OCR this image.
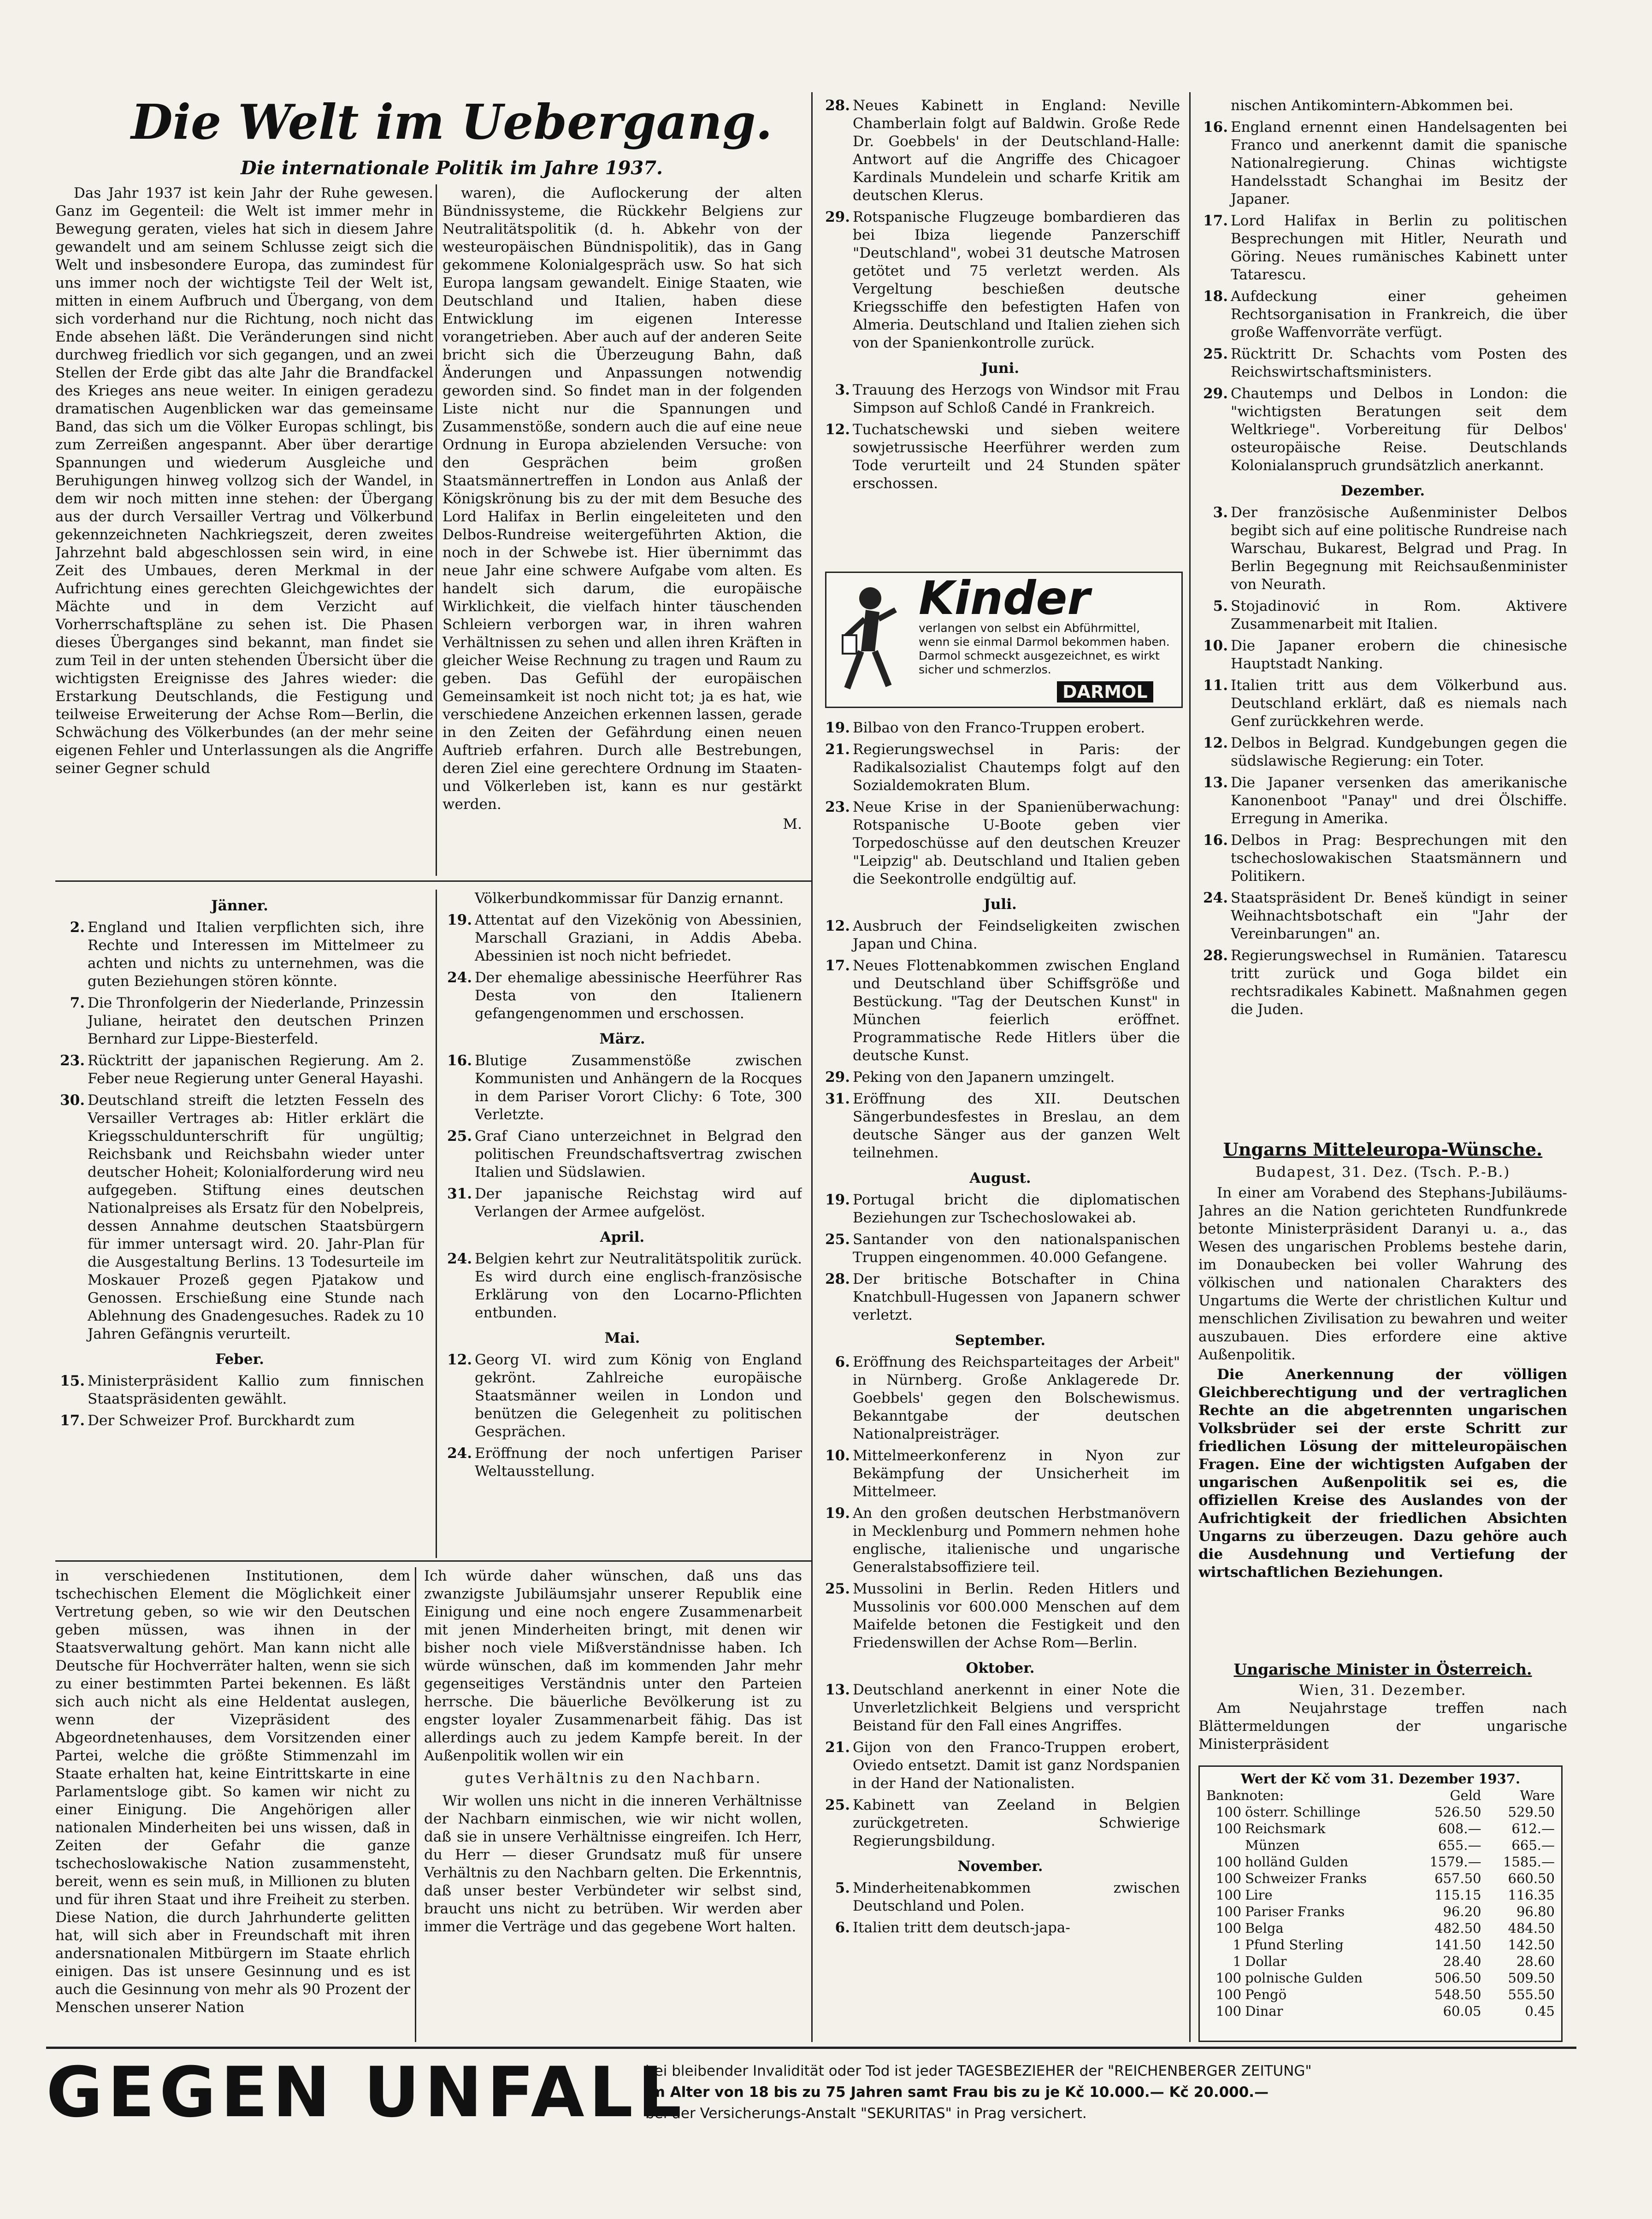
Die Welt im Uebergang.
Die internationale Politik im Jahre 1937.

Das Jahr 1937 ist kein Jahr der Ruhe gewesen. Ganz im Gegenteil: die Welt ist immer mehr in Bewegung geraten, vieles hat sich in diesem Jahre gewandelt und am seinem Schlusse zeigt sich die Welt und insbesondere Europa, das zumindest für uns immer noch der wichtigste Teil der Welt ist, mitten in einem Aufbruch und Übergang, von dem sich vorderhand nur die Richtung, noch nicht das Ende absehen läßt. Die Veränderungen sind nicht durchweg friedlich vor sich gegangen, und an zwei Stellen der Erde gibt das alte Jahr die Brandfackel des Krieges ans neue weiter. In einigen geradezu dramatischen Augenblicken war das gemeinsame Band, das sich um die Völker Europas schlingt, bis zum Zerreißen angespannt. Aber über derartige Spannungen und wiederum Ausgleiche und Beruhigungen hinweg vollzog sich der Wandel, in dem wir noch mitten inne stehen: der Übergang aus der durch Versailler Vertrag und Völkerbund gekennzeichneten Nachkriegszeit, deren zweites Jahrzehnt bald abgeschlossen sein wird, in eine Zeit des Umbaues, deren Merkmal in der Aufrichtung eines gerechten Gleichgewichtes der Mächte und in dem Verzicht auf Vorherrschaftspläne zu sehen ist. Die Phasen dieses Überganges sind bekannt, man findet sie zum Teil in der unten stehenden Übersicht über die wichtigsten Ereignisse des Jahres wieder: die Erstarkung Deutschlands, die Festigung und teilweise Erweiterung der Achse Rom—Berlin, die Schwächung des Völkerbundes (an der mehr seine eigenen Fehler und Unterlassungen als die Angriffe seiner Gegner schuld

waren), die Auflockerung der alten Bündnissysteme, die Rückkehr Belgiens zur Neutralitätspolitik (d. h. Abkehr von der westeuropäischen Bündnispolitik), das in Gang gekommene Kolonialgespräch usw. So hat sich Europa langsam gewandelt. Einige Staaten, wie Deutschland und Italien, haben diese Entwicklung im eigenen Interesse vorangetrieben. Aber auch auf der anderen Seite bricht sich die Überzeugung Bahn, daß Änderungen und Anpassungen notwendig geworden sind. So findet man in der folgenden Liste nicht nur die Spannungen und Zusammenstöße, sondern auch die auf eine neue Ordnung in Europa abzielenden Versuche: von den Gesprächen beim großen Staatsmännertreffen in London aus Anlaß der Königskrönung bis zu der mit dem Besuche des Lord Halifax in Berlin eingeleiteten und den Delbos-Rundreise weitergeführten Aktion, die noch in der Schwebe ist. Hier übernimmt das neue Jahr eine schwere Aufgabe vom alten. Es handelt sich darum, die europäische Wirklichkeit, die vielfach hinter täuschenden Schleiern verborgen war, in ihren wahren Verhältnissen zu sehen und allen ihren Kräften in gleicher Weise Rechnung zu tragen und Raum zu geben. Das Gefühl der europäischen Gemeinsamkeit ist noch nicht tot; ja es hat, wie verschiedene Anzeichen erkennen lassen, gerade in den Zeiten der Gefährdung einen neuen Auftrieb erfahren. Durch alle Bestrebungen, deren Ziel eine gerechtere Ordnung im Staaten- und Völkerleben ist, kann es nur gestärkt werden.

M.

Jänner.
2. England und Italien verpflichten sich, ihre Rechte und Interessen im Mittelmeer zu achten und nichts zu unternehmen, was die guten Beziehungen stören könnte.
7. Die Thronfolgerin der Niederlande, Prinzessin Juliane, heiratet den deutschen Prinzen Bernhard zur Lippe-Biesterfeld.
23. Rücktritt der japanischen Regierung. Am 2. Feber neue Regierung unter General Hayashi.
30. Deutschland streift die letzten Fesseln des Versailler Vertrages ab: Hitler erklärt die Kriegsschuldunterschrift für ungültig; Reichsbank und Reichsbahn wieder unter deutscher Hoheit; Kolonialforderung wird neu aufgegeben. Stiftung eines deutschen Nationalpreises als Ersatz für den Nobelpreis, dessen Annahme deutschen Staatsbürgern für immer untersagt wird. 20. Jahr-Plan für die Ausgestaltung Berlins. 13 Todesurteile im Moskauer Prozeß gegen Pjatakow und Genossen. Erschießung eine Stunde nach Ablehnung des Gnadengesuches. Radek zu 10 Jahren Gefängnis verurteilt.
Feber.
15. Ministerpräsident Kallio zum finnischen Staatspräsidenten gewählt.
17. Der Schweizer Prof. Burckhardt zum
Völkerbundkommissar für Danzig ernannt.
19. Attentat auf den Vizekönig von Abessinien, Marschall Graziani, in Addis Abeba. Abessinien ist noch nicht befriedet.
24. Der ehemalige abessinische Heerführer Ras Desta von den Italienern gefangengenommen und erschossen.
März.
16. Blutige Zusammenstöße zwischen Kommunisten und Anhängern de la Rocques in dem Pariser Vorort Clichy: 6 Tote, 300 Verletzte.
25. Graf Ciano unterzeichnet in Belgrad den politischen Freundschaftsvertrag zwischen Italien und Südslawien.
31. Der japanische Reichstag wird auf Verlangen der Armee aufgelöst.
April.
24. Belgien kehrt zur Neutralitätspolitik zurück. Es wird durch eine englisch-französische Erklärung von den Locarno-Pflichten entbunden.
Mai.
12. Georg VI. wird zum König von England gekrönt. Zahlreiche europäische Staatsmänner weilen in London und benützen die Gelegenheit zu politischen Gesprächen.
24. Eröffnung der noch unfertigen Pariser Weltausstellung.
28. Neues Kabinett in England: Neville Chamberlain folgt auf Baldwin. Große Rede Dr. Goebbels' in der Deutschland-Halle: Antwort auf die Angriffe des Chicagoer Kardinals Mundelein und scharfe Kritik am deutschen Klerus.
29. Rotspanische Flugzeuge bombardieren das bei Ibiza liegende Panzerschiff "Deutschland", wobei 31 deutsche Matrosen getötet und 75 verletzt werden. Als Vergeltung beschießen deutsche Kriegsschiffe den befestigten Hafen von Almeria. Deutschland und Italien ziehen sich von der Spanienkontrolle zurück.
Juni.
3. Trauung des Herzogs von Windsor mit Frau Simpson auf Schloß Candé in Frankreich.
12. Tuchatschewski und sieben weitere sowjetrussische Heerführer werden zum Tode verurteilt und 24 Stunden später erschossen.
Kinder
verlangen von selbst ein Abführmittel, wenn sie einmal Darmol bekommen haben. Darmol schmeckt ausgezeichnet, es wirkt sicher und schmerzlos.
DARMOL
19. Bilbao von den Franco-Truppen erobert.
21. Regierungswechsel in Paris: der Radikalsozialist Chautemps folgt auf den Sozialdemokraten Blum.
23. Neue Krise in der Spanienüberwachung: Rotspanische U-Boote geben vier Torpedoschüsse auf den deutschen Kreuzer "Leipzig" ab. Deutschland und Italien geben die Seekontrolle endgültig auf.
Juli.
12. Ausbruch der Feindseligkeiten zwischen Japan und China.
17. Neues Flottenabkommen zwischen England und Deutschland über Schiffsgröße und Bestückung. "Tag der Deutschen Kunst" in München feierlich eröffnet. Programmatische Rede Hitlers über die deutsche Kunst.
29. Peking von den Japanern umzingelt.
31. Eröffnung des XII. Deutschen Sängerbundesfestes in Breslau, an dem deutsche Sänger aus der ganzen Welt teilnehmen.
August.
19. Portugal bricht die diplomatischen Beziehungen zur Tschechoslowakei ab.
25. Santander von den nationalspanischen Truppen eingenommen. 40.000 Gefangene.
28. Der britische Botschafter in China Knatchbull-Hugessen von Japanern schwer verletzt.
September.
6. Eröffnung des Reichsparteitages der Arbeit" in Nürnberg. Große Anklagerede Dr. Goebbels' gegen den Bolschewismus. Bekanntgabe der deutschen Nationalpreisträger.
10. Mittelmeerkonferenz in Nyon zur Bekämpfung der Unsicherheit im Mittelmeer.
19. An den großen deutschen Herbstmanövern in Mecklenburg und Pommern nehmen hohe englische, italienische und ungarische Generalstabsoffiziere teil.
25. Mussolini in Berlin. Reden Hitlers und Mussolinis vor 600.000 Menschen auf dem Maifelde betonen die Festigkeit und den Friedenswillen der Achse Rom—Berlin.
Oktober.
13. Deutschland anerkennt in einer Note die Unverletzlichkeit Belgiens und verspricht Beistand für den Fall eines Angriffes.
21. Gijon von den Franco-Truppen erobert, Oviedo entsetzt. Damit ist ganz Nordspanien in der Hand der Nationalisten.
25. Kabinett van Zeeland in Belgien zurückgetreten. Schwierige Regierungsbildung.
November.
5. Minderheitenabkommen zwischen Deutschland und Polen.
6. Italien tritt dem deutsch-japa-
nischen Antikomintern-Abkommen bei.
16. England ernennt einen Handelsagenten bei Franco und anerkennt damit die spanische Nationalregierung. Chinas wichtigste Handelsstadt Schanghai im Besitz der Japaner.
17. Lord Halifax in Berlin zu politischen Besprechungen mit Hitler, Neurath und Göring. Neues rumänisches Kabinett unter Tatarescu.
18. Aufdeckung einer geheimen Rechtsorganisation in Frankreich, die über große Waffenvorräte verfügt.
25. Rücktritt Dr. Schachts vom Posten des Reichswirtschaftsministers.
29. Chautemps und Delbos in London: die "wichtigsten Beratungen seit dem Weltkriege". Vorbereitung für Delbos' osteuropäische Reise. Deutschlands Kolonialanspruch grundsätzlich anerkannt.
Dezember.
3. Der französische Außenminister Delbos begibt sich auf eine politische Rundreise nach Warschau, Bukarest, Belgrad und Prag. In Berlin Begegnung mit Reichsaußenminister von Neurath.
5. Stojadinović in Rom. Aktivere Zusammenarbeit mit Italien.
10. Die Japaner erobern die chinesische Hauptstadt Nanking.
11. Italien tritt aus dem Völkerbund aus. Deutschland erklärt, daß es niemals nach Genf zurückkehren werde.
12. Delbos in Belgrad. Kundgebungen gegen die südslawische Regierung: ein Toter.
13. Die Japaner versenken das amerikanische Kanonenboot "Panay" und drei Ölschiffe. Erregung in Amerika.
16. Delbos in Prag: Besprechungen mit den tschechoslowakischen Staatsmännern und Politikern.
24. Staatspräsident Dr. Beneš kündigt in seiner Weihnachtsbotschaft ein "Jahr der Vereinbarungen" an.
28. Regierungswechsel in Rumänien. Tatarescu tritt zurück und Goga bildet ein rechtsradikales Kabinett. Maßnahmen gegen die Juden.
Ungarns Mitteleuropa-Wünsche.
Budapest, 31. Dez. (Tsch. P.-B.)

In einer am Vorabend des Stephans-Jubiläums-Jahres an die Nation gerichteten Rundfunkrede betonte Ministerpräsident Daranyi u. a., das Wesen des ungarischen Problems bestehe darin, im Donaubecken bei voller Wahrung des völkischen und nationalen Charakters des Ungartums die Werte der christlichen Kultur und menschlichen Zivilisation zu bewahren und weiter auszubauen. Dies erfordere eine aktive Außenpolitik.

Die Anerkennung der völligen Gleichberechtigung und der vertraglichen Rechte an die abgetrennten ungarischen Volksbrüder sei der erste Schritt zur friedlichen Lösung der mitteleuropäischen Fragen. Eine der wichtigsten Aufgaben der ungarischen Außenpolitik sei es, die offiziellen Kreise des Auslandes von der Aufrichtigkeit der friedlichen Absichten Ungarns zu überzeugen. Dazu gehöre auch die Ausdehnung und Vertiefung der wirtschaftlichen Beziehungen.

Ungarische Minister in Österreich.
Wien, 31. Dezember.

Am Neujahrstage treffen nach Blättermeldungen der ungarische Ministerpräsident

Wert der Kč vom 31. Dezember 1937.
Banknoten:		Geld	Ware
100	österr. Schillinge	526.50	529.50
100	Reichsmark	608.—	612.—
	Münzen	655.—	665.—
100	holländ Gulden	1579.—	1585.—
100	Schweizer Franks	657.50	660.50
100	Lire	115.15	116.35
100	Pariser Franks	96.20	96.80
100	Belga	482.50	484.50
1	Pfund Sterling	141.50	142.50
1	Dollar	28.40	28.60
100	polnische Gulden	506.50	509.50
100	Pengö	548.50	555.50
100	Dinar	60.05	0.45

in verschiedenen Institutionen, dem tschechischen Element die Möglichkeit einer Vertretung geben, so wie wir den Deutschen geben müssen, was ihnen in der Staatsverwaltung gehört. Man kann nicht alle Deutsche für Hochverräter halten, wenn sie sich zu einer bestimmten Partei bekennen. Es läßt sich auch nicht als eine Heldentat auslegen, wenn der Vizepräsident des Abgeordnetenhauses, dem Vorsitzenden einer Partei, welche die größte Stimmenzahl im Staate erhalten hat, keine Eintrittskarte in eine Parlamentsloge gibt. So kamen wir nicht zu einer Einigung. Die Angehörigen aller nationalen Minderheiten bei uns wissen, daß in Zeiten der Gefahr die ganze tschechoslowakische Nation zusammensteht, bereit, wenn es sein muß, in Millionen zu bluten und für ihren Staat und ihre Freiheit zu sterben. Diese Nation, die durch Jahrhunderte gelitten hat, will sich aber in Freundschaft mit ihren andersnationalen Mitbürgern im Staate ehrlich einigen. Das ist unsere Gesinnung und es ist auch die Gesinnung von mehr als 90 Prozent der Menschen unserer Nation

Ich würde daher wünschen, daß uns das zwanzigste Jubiläumsjahr unserer Republik eine Einigung und eine noch engere Zusammenarbeit mit jenen Minderheiten bringt, mit denen wir bisher noch viele Mißverständnisse haben. Ich würde wünschen, daß im kommenden Jahr mehr gegenseitiges Verständnis unter den Parteien herrsche. Die bäuerliche Bevölkerung ist zu engster loyaler Zusammenarbeit fähig. Das ist allerdings auch zu jedem Kampfe bereit. In der Außenpolitik wollen wir ein

gutes Verhältnis zu den Nachbarn.

Wir wollen uns nicht in die inneren Verhältnisse der Nachbarn einmischen, wie wir nicht wollen, daß sie in unsere Verhältnisse eingreifen. Ich Herr, du Herr — dieser Grundsatz muß für unsere Verhältnis zu den Nachbarn gelten. Die Erkenntnis, daß unser bester Verbündeter wir selbst sind, braucht uns nicht zu betrüben. Wir werden aber immer die Verträge und das gegebene Wort halten.

GEGEN UNFALL
bei bleibender Invalidität oder Tod ist jeder TAGESBEZIEHER der "REICHENBERGER ZEITUNG"
im Alter von 18 bis zu 75 Jahren samt Frau bis zu je Kč 10.000.— Kč 20.000.—
bei der Versicherungs-Anstalt "SEKURITAS" in Prag versichert.
